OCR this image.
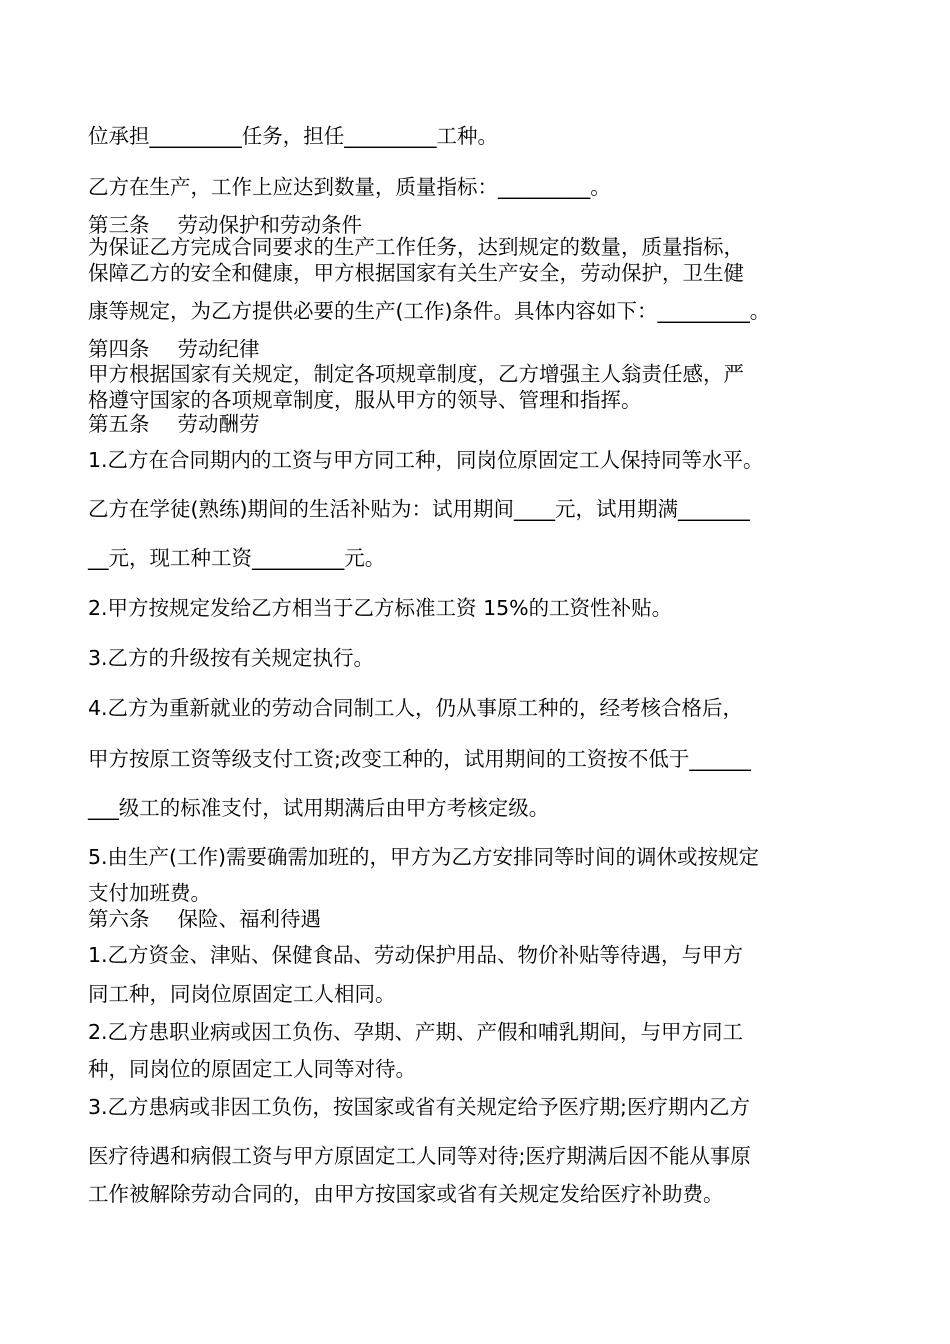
位承担_________任务，担任_________工种。

乙方在生产，工作上应达到数量，质量指标：_________。

第三条 劳动保护和劳动条件

为保证乙方完成合同要求的生产工作任务，达到规定的数量，质量指标，

保障乙方的安全和健康，甲方根据国家有关生产安全，劳动保护，卫生健

康等规定，为乙方提供必要的生产(工作)条件。具体内容如下：_________。

第四条 劳动纪律

甲方根据国家有关规定，制定各项规章制度，乙方增强主人翁责任感，严

格遵守国家的各项规章制度，服从甲方的领导、管理和指挥。

第五条 劳动酬劳

1.乙方在合同期内的工资与甲方同工种，同岗位原固定工人保持同等水平。

乙方在学徒(熟练)期间的生活补贴为：试用期间____元，试用期满_______

__元，现工种工资_________元。

2.甲方按规定发给乙方相当于乙方标准工资 15%的工资性补贴。

3.乙方的升级按有关规定执行。

4.乙方为重新就业的劳动合同制工人，仍从事原工种的，经考核合格后，

甲方按原工资等级支付工资;改变工种的，试用期间的工资按不低于______

___级工的标准支付，试用期满后由甲方考核定级。

5.由生产(工作)需要确需加班的，甲方为乙方安排同等时间的调休或按规定

支付加班费。

第六条 保险、福利待遇

1.乙方资金、津贴、保健食品、劳动保护用品、物价补贴等待遇，与甲方

同工种，同岗位原固定工人相同。

2.乙方患职业病或因工负伤、孕期、产期、产假和哺乳期间，与甲方同工

种，同岗位的原固定工人同等对待。

3.乙方患病或非因工负伤，按国家或省有关规定给予医疗期;医疗期内乙方

医疗待遇和病假工资与甲方原固定工人同等对待;医疗期满后因不能从事原

工作被解除劳动合同的，由甲方按国家或省有关规定发给医疗补助费。
